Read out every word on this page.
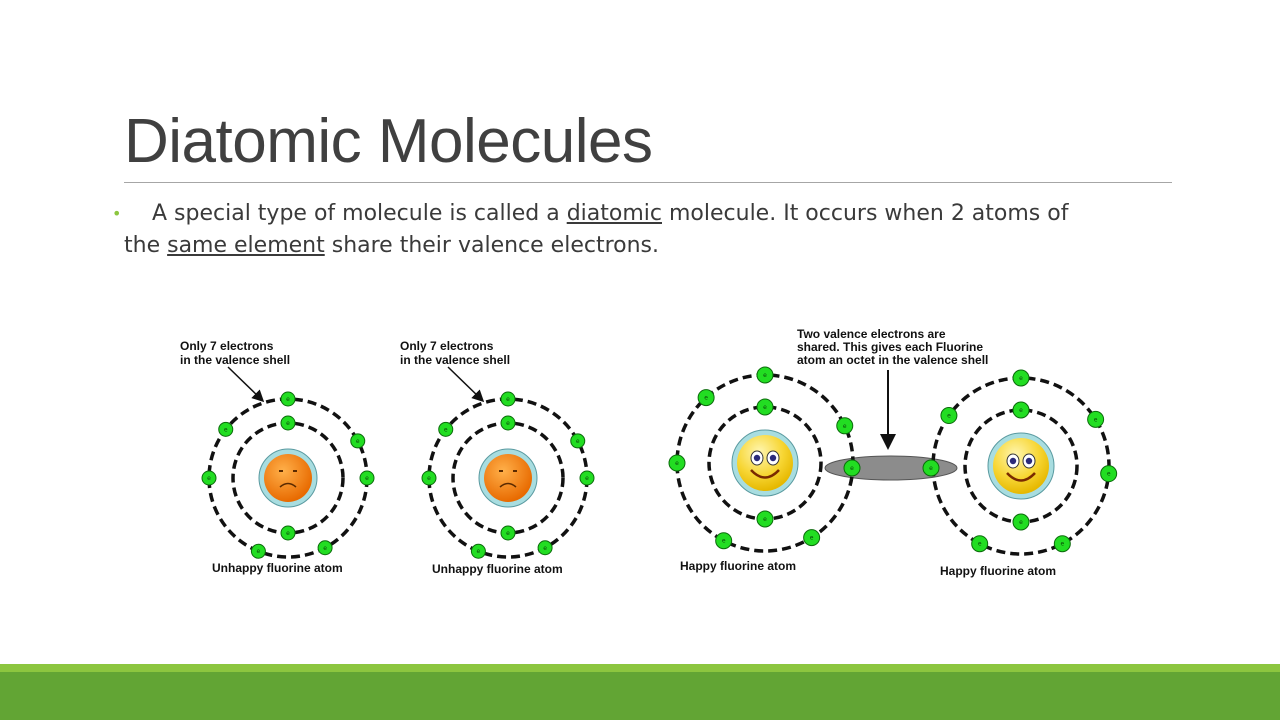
Diatomic Molecules
•	A special type of molecule is called a diatomic molecule. It occurs when 2 atoms of
the same element share their valence electrons.
Only 7 electrons
in the valence shell
Only 7 electrons
in the valence shell
Two valence electrons are
shared. This gives each Fluorine
atom an octet in the valence shell
e
e
e
e
e
e
e
e
e
e
e
e
e
e
e
e
e
e
e
e
e
e
e
e
e
e
e
e
e
e
e
e
e
e
e	e
Unhappy fluorine atom	Unhappy fluorine atom	Happy fluorine atom	Happy fluorine atom
